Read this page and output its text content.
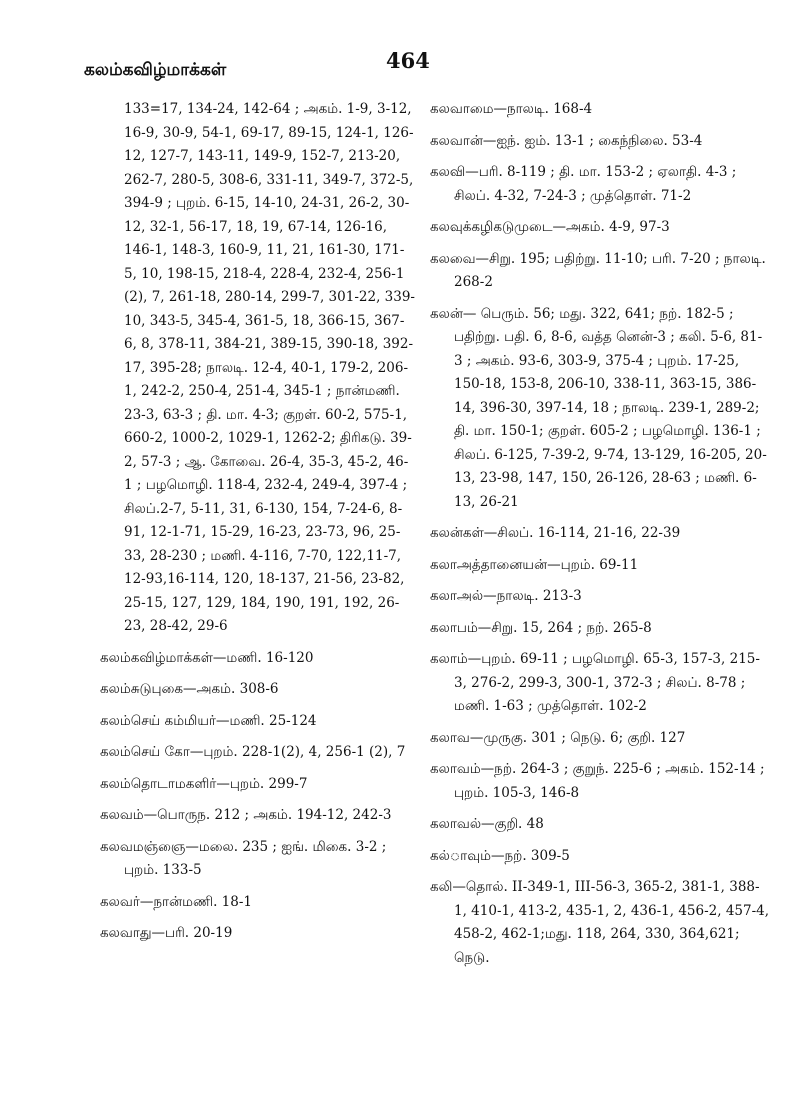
கலம்கவிழ்மாக்கள்	464
133=17, 134-24, 142-64 ; அகம். 1-9, 3-12, 16-9, 30-9, 54-1, 69-17, 89-15, 124-1, 126-12, 127-7, 143-11, 149-9, 152-7, 213-20, 262-7, 280-5, 308-6, 331-11, 349-7, 372-5, 394-9 ; புறம். 6-15, 14-10, 24-31, 26-2, 30-12, 32-1, 56-17, 18, 19, 67-14, 126-16, 146-1, 148-3, 160-9, 11, 21, 161-30, 171-5, 10, 198-15, 218-4, 228-4, 232-4, 256-1 (2), 7, 261-18, 280-14, 299-7, 301-22, 339-10, 343-5, 345-4, 361-5, 18, 366-15, 367-6, 8, 378-11, 384-21, 389-15, 390-18, 392-17, 395-28; நாலடி. 12-4, 40-1, 179-2, 206-1, 242-2, 250-4, 251-4, 345-1 ; நான்மணி. 23-3, 63-3 ; தி. மா. 4-3; குறள். 60-2, 575-1, 660-2, 1000-2, 1029-1, 1262-2; திரிகடு. 39-2, 57-3 ; ஆ. கோவை. 26-4, 35-3, 45-2, 46-1 ; பழமொழி. 118-4, 232-4, 249-4, 397-4 ; சிலப்.2-7, 5-11, 31, 6-130, 154, 7-24-6, 8-91, 12-1-71, 15-29, 16-23, 23-73, 96, 25-33, 28-230 ; மணி. 4-116, 7-70, 122,11-7, 12-93,16-114, 120, 18-137, 21-56, 23-82, 25-15, 127, 129, 184, 190, 191, 192, 26-23, 28-42, 29-6
கலம்கவிழ்மாக்கள்—மணி. 16-120
கலம்சுடுபுகை—அகம். 308-6
கலம்செய் கம்மியர்—மணி. 25-124
கலம்செய் கோ—புறம். 228-1(2), 4, 256-1 (2), 7
கலம்தொடாமகளிர்—புறம். 299-7
கலவம்—பொருந. 212 ; அகம். 194-12, 242-3
கலவமஞ்ஞை—மலை. 235 ; ஐங். மிகை. 3-2 ; புறம். 133-5
கலவர்—நான்மணி. 18-1
கலவாது—பரி. 20-19
கலவாமை—நாலடி. 168-4
கலவான்—ஐந். ஐம். 13-1 ; கைந்நிலை. 53-4
கலவி—பரி. 8-119 ; தி. மா. 153-2 ; ஏலாதி. 4-3 ; சிலப். 4-32, 7-24-3 ; முத்தொள். 71-2
கலவுக்கழிகடுமுடை—அகம். 4-9, 97-3
கலவை—சிறு. 195; பதிற்று. 11-10; பரி. 7-20 ; நாலடி. 268-2
கலன்— பெரும். 56; மது. 322, 641; நற். 182-5 ; பதிற்று. பதி. 6, 8-6, வத்த னென்-3 ; கலி. 5-6, 81-3 ; அகம். 93-6, 303-9, 375-4 ; புறம். 17-25, 150-18, 153-8, 206-10, 338-11, 363-15, 386-14, 396-30, 397-14, 18 ; நாலடி. 239-1, 289-2; தி. மா. 150-1; குறள். 605-2 ; பழமொழி. 136-1 ; சிலப். 6-125, 7-39-2, 9-74, 13-129, 16-205, 20-13, 23-98, 147, 150, 26-126, 28-63 ; மணி. 6-13, 26-21
கலன்கள்—சிலப். 16-114, 21-16, 22-39
கலாஅத்தானையன்—புறம். 69-11
கலாஅல்—நாலடி. 213-3
கலாபம்—சிறு. 15, 264 ; நற். 265-8
கலாம்—புறம். 69-11 ; பழமொழி. 65-3, 157-3, 215-3, 276-2, 299-3, 300-1, 372-3 ; சிலப். 8-78 ; மணி. 1-63 ; முத்தொள். 102-2
கலாவ—முருகு. 301 ; நெடு. 6; குறி. 127
கலாவம்—நற். 264-3 ; குறுந். 225-6 ; அகம். 152-14 ; புறம். 105-3, 146-8
கலாவல்—குறி. 48
கல்ாவும்—நற். 309-5
கலி—தொல். II-349-1, III-56-3, 365-2, 381-1, 388-1, 410-1, 413-2, 435-1, 2, 436-1, 456-2, 457-4, 458-2, 462-1;மது. 118, 264, 330, 364,621; நெடு.
